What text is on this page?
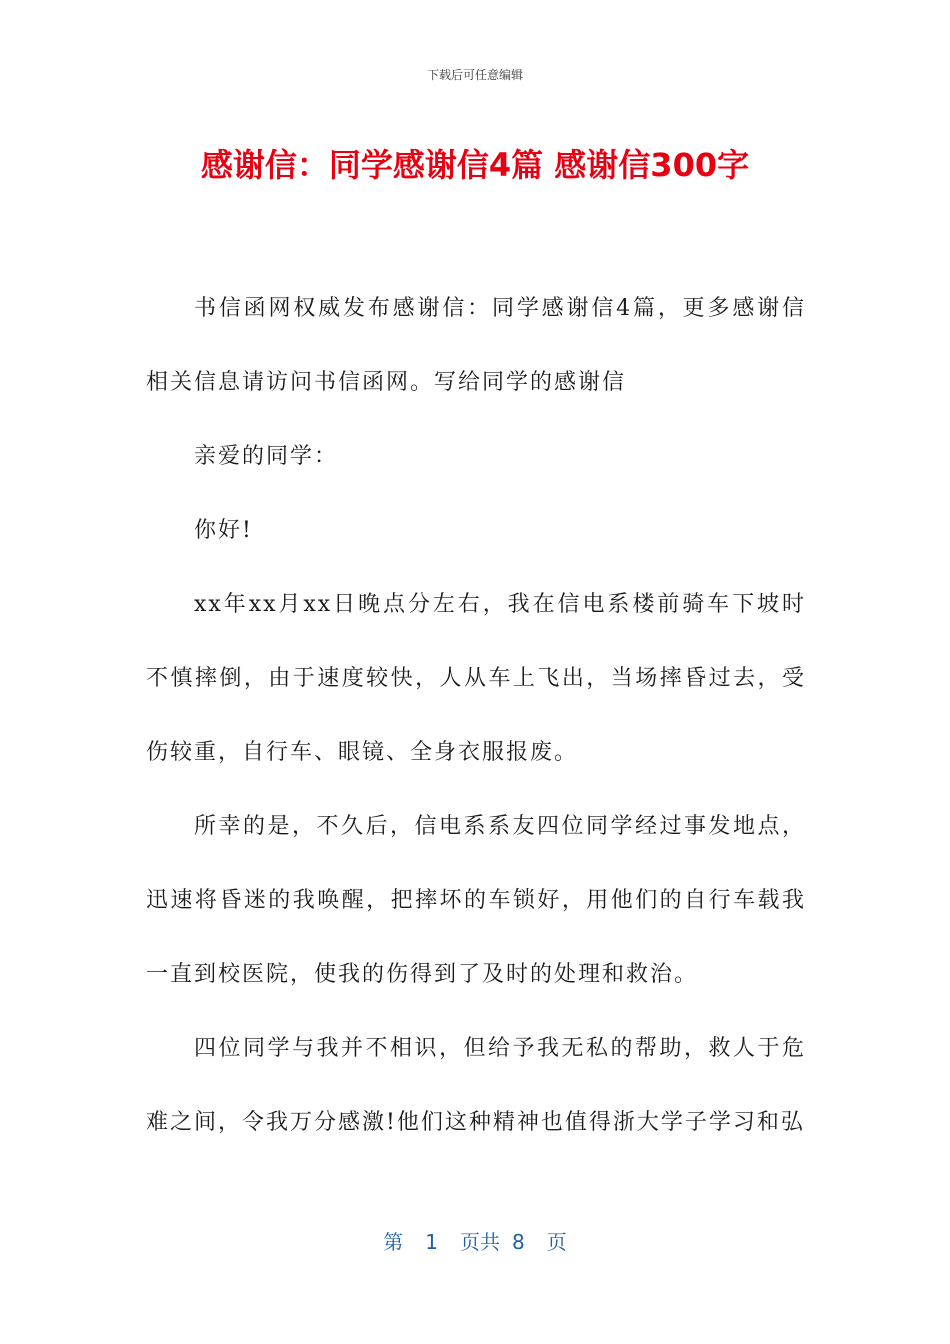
下载后可任意编辑
感谢信：同学感谢信4篇 感谢信300字

书信函网权威发布感谢信：同学感谢信4篇，更多感谢信相关信息请访问书信函网。写给同学的感谢信

亲爱的同学：

你好!

xx年xx月xx日晚点分左右，我在信电系楼前骑车下坡时不慎摔倒，由于速度较快，人从车上飞出，当场摔昏过去，受伤较重，自行车、眼镜、全身衣服报废。

所幸的是，不久后，信电系系友四位同学经过事发地点，迅速将昏迷的我唤醒，把摔坏的车锁好，用他们的自行车载我一直到校医院，使我的伤得到了及时的处理和救治。

四位同学与我并不相识，但给予我无私的帮助，救人于危难之间，令我万分感激!他们这种精神也值得浙大学子学习和弘

第 1 页共 8 页
